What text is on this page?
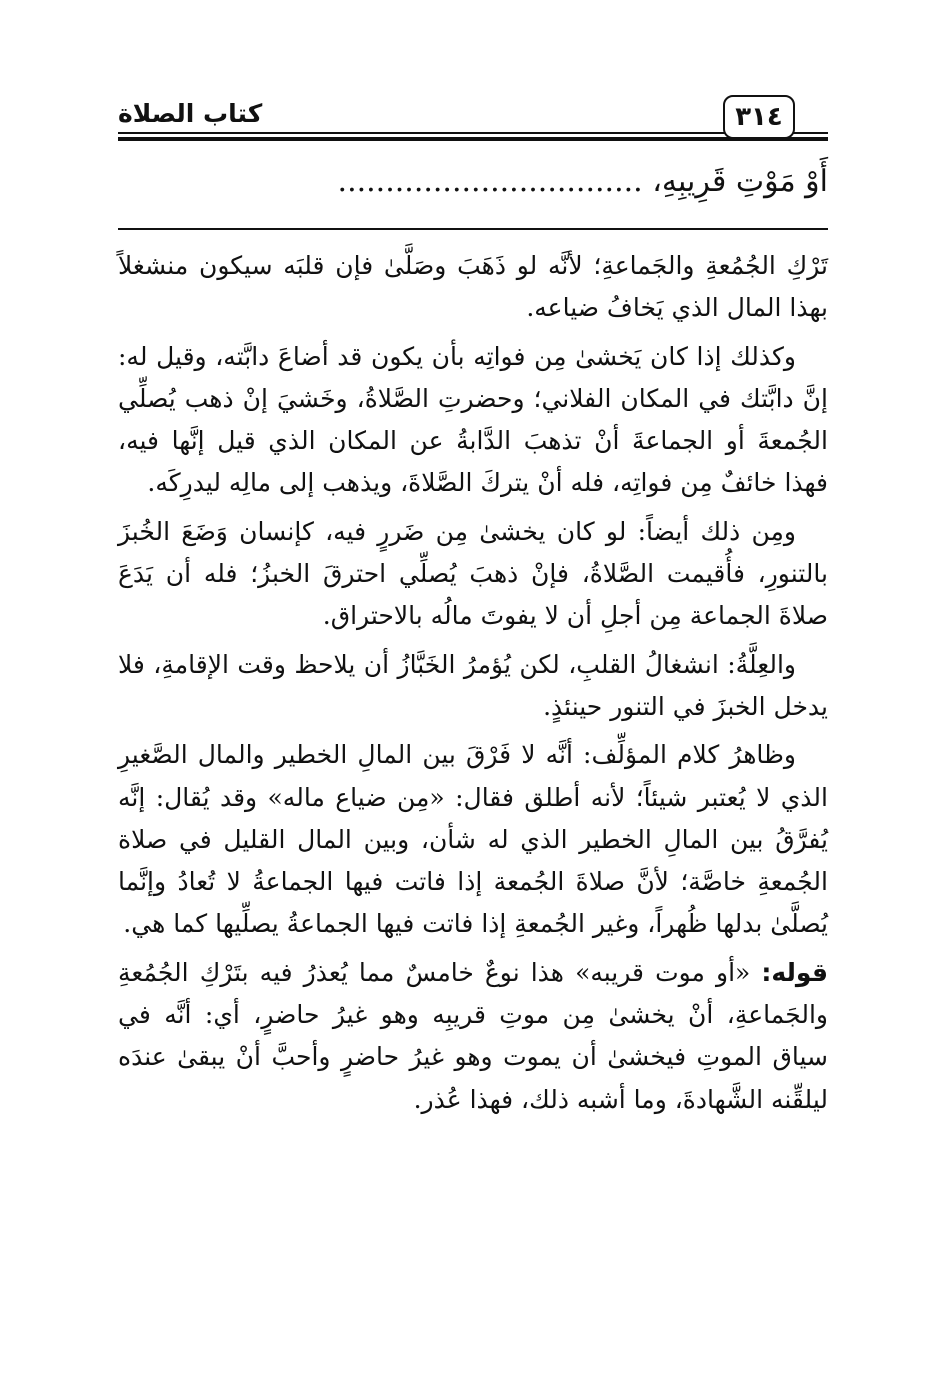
كتاب الصلاة	٣١٤
أَوْ مَوْتِ قَرِيبِهِ، ................................

تَرْكِ الجُمُعةِ والجَماعةِ؛ لأنَّه لو ذَهَبَ وصَلَّىٰ فإن قلبَه سيكون منشغلاً بهذا المال الذي يَخافُ ضياعه.

وكذلك إذا كان يَخشىٰ مِن فواتِه بأن يكون قد أضاعَ دابَّته، وقيل له: إنَّ دابَّتك في المكان الفلاني؛ وحضرتِ الصَّلاةُ، وخَشيَ إنْ ذهب يُصلِّي الجُمعةَ أو الجماعةَ أنْ تذهبَ الدَّابةُ عن المكان الذي قيل إنَّها فيه، فهذا خائفٌ مِن فواتِه، فله أنْ يتركَ الصَّلاةَ، ويذهب إلى مالِه ليدرِكَه.

ومِن ذلك أيضاً: لو كان يخشىٰ مِن ضَررٍ فيه، كإنسان وَضَعَ الخُبزَ بالتنورِ، فأُقيمت الصَّلاةُ، فإنْ ذهبَ يُصلِّي احترقَ الخبزُ؛ فله أن يَدَعَ صلاةَ الجماعة مِن أجلِ أن لا يفوتَ مالُه بالاحتراق.

والعِلَّةُ: انشغالُ القلبِ، لكن يُؤمرُ الخَبَّازُ أن يلاحظ وقت الإقامةِ، فلا يدخل الخبزَ في التنور حينئذٍ.

وظاهرُ كلام المؤلِّف: أنَّه لا فَرْقَ بين المالِ الخطير والمال الصَّغيرِ الذي لا يُعتبر شيئاً؛ لأنه أطلق فقال: «مِن ضياع ماله» وقد يُقال: إنَّه يُفرَّقُ بين المالِ الخطير الذي له شأن، وبين المال القليل في صلاة الجُمعةِ خاصَّة؛ لأنَّ صلاةَ الجُمعة إذا فاتت فيها الجماعةُ لا تُعادُ وإنَّما يُصلَّىٰ بدلها ظُهراً، وغير الجُمعةِ إذا فاتت فيها الجماعةُ يصلِّيها كما هي.

قوله: «أو موت قريبه» هذا نوعٌ خامسٌ مما يُعذرُ فيه بتَرْكِ الجُمُعةِ والجَماعةِ، أنْ يخشىٰ مِن موتِ قريبِه وهو غيرُ حاضرٍ، أي: أنَّه في سياق الموتِ فيخشىٰ أن يموت وهو غيرُ حاضرٍ وأحبَّ أنْ يبقىٰ عندَه ليلقِّنه الشَّهادةَ، وما أشبه ذلك، فهذا عُذر.
